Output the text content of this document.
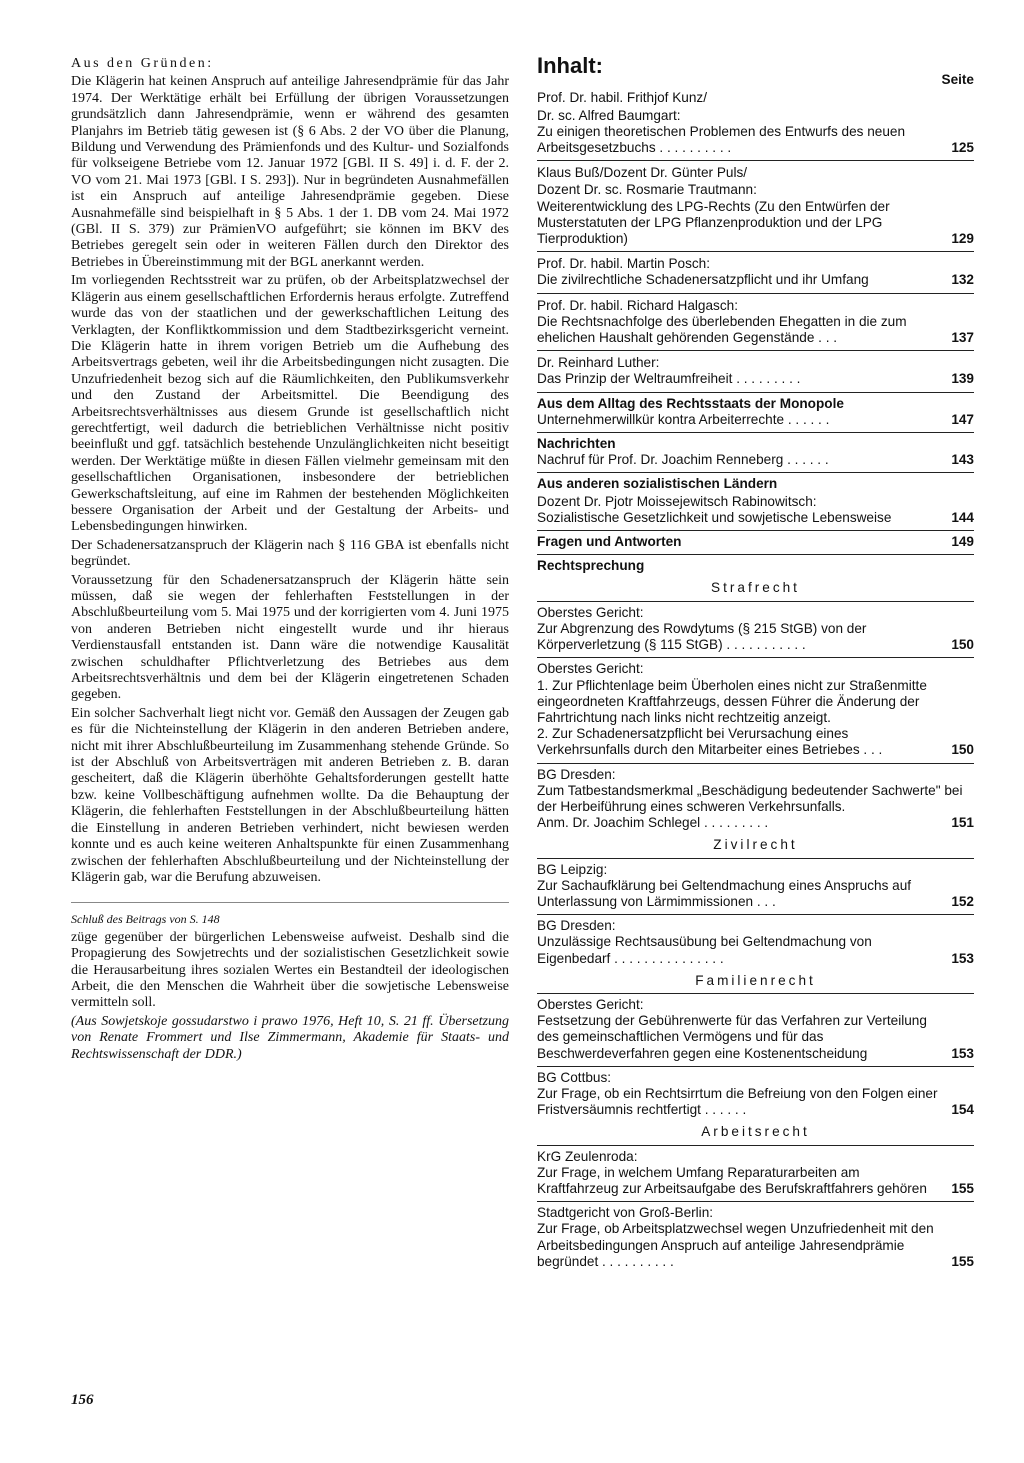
Aus den Gründen:

Die Klägerin hat keinen Anspruch auf anteilige Jahresendprämie für das Jahr 1974. Der Werktätige erhält bei Erfüllung der übrigen Voraussetzungen grundsätzlich dann Jahresendprämie, wenn er während des gesamten Planjahrs im Betrieb tätig gewesen ist (§ 6 Abs. 2 der VO über die Planung, Bildung und Verwendung des Prämienfonds und des Kultur- und Sozialfonds für volkseigene Betriebe vom 12. Januar 1972 [GBl. II S. 49] i. d. F. der 2. VO vom 21. Mai 1973 [GBl. I S. 293]). Nur in begründeten Ausnahmefällen ist ein Anspruch auf anteilige Jahresendprämie gegeben. Diese Ausnahmefälle sind beispielhaft in § 5 Abs. 1 der 1. DB vom 24. Mai 1972 (GBl. II S. 379) zur PrämienVO aufgeführt; sie können im BKV des Betriebes geregelt sein oder in weiteren Fällen durch den Direktor des Betriebes in Übereinstimmung mit der BGL anerkannt werden.

Im vorliegenden Rechtsstreit war zu prüfen, ob der Arbeitsplatzwechsel der Klägerin aus einem gesellschaftlichen Erfordernis heraus erfolgte. Zutreffend wurde das von der staatlichen und der gewerkschaftlichen Leitung des Verklagten, der Konfliktkommission und dem Stadtbezirksgericht verneint. Die Klägerin hatte in ihrem vorigen Betrieb um die Aufhebung des Arbeitsvertrags gebeten, weil ihr die Arbeitsbedingungen nicht zusagten. Die Unzufriedenheit bezog sich auf die Räumlichkeiten, den Publikumsverkehr und den Zustand der Arbeitsmittel. Die Beendigung des Arbeitsrechtsverhältnisses aus diesem Grunde ist gesellschaftlich nicht gerechtfertigt, weil dadurch die betrieblichen Verhältnisse nicht positiv beeinflußt und ggf. tatsächlich bestehende Unzulänglichkeiten nicht beseitigt werden. Der Werktätige müßte in diesen Fällen vielmehr gemeinsam mit den gesellschaftlichen Organisationen, insbesondere der betrieblichen Gewerkschaftsleitung, auf eine im Rahmen der bestehenden Möglichkeiten bessere Organisation der Arbeit und der Gestaltung der Arbeits- und Lebensbedingungen hinwirken.

Der Schadenersatzanspruch der Klägerin nach § 116 GBA ist ebenfalls nicht begründet.

Voraussetzung für den Schadenersatzanspruch der Klägerin hätte sein müssen, daß sie wegen der fehlerhaften Feststellungen in der Abschlußbeurteilung vom 5. Mai 1975 und der korrigierten vom 4. Juni 1975 von anderen Betrieben nicht eingestellt wurde und ihr hieraus Verdienstausfall entstanden ist. Dann wäre die notwendige Kausalität zwischen schuldhafter Pflichtverletzung des Betriebes aus dem Arbeitsrechtsverhältnis und dem bei der Klägerin eingetretenen Schaden gegeben.

Ein solcher Sachverhalt liegt nicht vor. Gemäß den Aussagen der Zeugen gab es für die Nichteinstellung der Klägerin in den anderen Betrieben andere, nicht mit ihrer Abschlußbeurteilung im Zusammenhang stehende Gründe. So ist der Abschluß von Arbeitsverträgen mit anderen Betrieben z. B. daran gescheitert, daß die Klägerin überhöhte Gehaltsforderungen gestellt hatte bzw. keine Vollbeschäftigung aufnehmen wollte. Da die Behauptung der Klägerin, die fehlerhaften Feststellungen in der Abschlußbeurteilung hätten die Einstellung in anderen Betrieben verhindert, nicht bewiesen werden konnte und es auch keine weiteren Anhaltspunkte für einen Zusammenhang zwischen der fehlerhaften Abschlußbeurteilung und der Nichteinstellung der Klägerin gab, war die Berufung abzuweisen.

Schluß des Beitrags von S. 148

züge gegenüber der bürgerlichen Lebensweise aufweist. Deshalb sind die Propagierung des Sowjetrechts und der sozialistischen Gesetzlichkeit sowie die Herausarbeitung ihres sozialen Wertes ein Bestandteil der ideologischen Arbeit, die den Menschen die Wahrheit über die sowjetische Lebensweise vermitteln soll.

(Aus Sowjetskoje gossudarstwo i prawo 1976, Heft 10, S. 21 ff. Übersetzung von Renate Frommert und Ilse Zimmermann, Akademie für Staats- und Rechtswissenschaft der DDR.)

156

Inhalt:

Seite
Prof. Dr. habil. Frithjof Kunz/
Dr. sc. Alfred Baumgart:
Zu einigen theoretischen Problemen des Entwurfs des neuen Arbeitsgesetzbuchs . . . . . . . . . .	125
Klaus Buß/Dozent Dr. Günter Puls/
Dozent Dr. sc. Rosmarie Trautmann:
Weiterentwicklung des LPG-Rechts (Zu den Entwürfen der Musterstatuten der LPG Pflanzenproduktion und der LPG Tierproduktion)	129
Prof. Dr. habil. Martin Posch:
Die zivilrechtliche Schadenersatzpflicht und ihr Umfang	132
Prof. Dr. habil. Richard Halgasch:
Die Rechtsnachfolge des überlebenden Ehegatten in die zum ehelichen Haushalt gehörenden Gegenstände . . .	137
Dr. Reinhard Luther:
Das Prinzip der Weltraumfreiheit . . . . . . . . .	139
Aus dem Alltag des Rechtsstaats der Monopole
Unternehmerwillkür kontra Arbeiterrechte . . . . . .	147
Nachrichten
Nachruf für Prof. Dr. Joachim Renneberg . . . . . .	143
Aus anderen sozialistischen Ländern
Dozent Dr. Pjotr Moissejewitsch Rabinowitsch:
Sozialistische Gesetzlichkeit und sowjetische Lebensweise	144
Fragen und Antworten	149
Rechtsprechung
Strafrecht
Oberstes Gericht:
Zur Abgrenzung des Rowdytums (§ 215 StGB) von der Körperverletzung (§ 115 StGB) . . . . . . . . . . .	150
Oberstes Gericht:
1. Zur Pflichtenlage beim Überholen eines nicht zur Straßenmitte eingeordneten Kraftfahrzeugs, dessen Führer die Änderung der Fahrtrichtung nach links nicht rechtzeitig anzeigt.
2. Zur Schadenersatzpflicht bei Verursachung eines Verkehrsunfalls durch den Mitarbeiter eines Betriebes . . .	150
BG Dresden:
Zum Tatbestandsmerkmal „Beschädigung bedeutender Sachwerte" bei der Herbeiführung eines schweren Verkehrsunfalls.
Anm. Dr. Joachim Schlegel . . . . . . . . .	151
Zivilrecht
BG Leipzig:
Zur Sachaufklärung bei Geltendmachung eines Anspruchs auf Unterlassung von Lärmimmissionen . . .	152
BG Dresden:
Unzulässige Rechtsausübung bei Geltendmachung von Eigenbedarf . . . . . . . . . . . . . . .	153
Familienrecht
Oberstes Gericht:
Festsetzung der Gebührenwerte für das Verfahren zur Verteilung des gemeinschaftlichen Vermögens und für das Beschwerdeverfahren gegen eine Kostenentscheidung	153
BG Cottbus:
Zur Frage, ob ein Rechtsirrtum die Befreiung von den Folgen einer Fristversäumnis rechtfertigt . . . . . .	154
Arbeitsrecht
KrG Zeulenroda:
Zur Frage, in welchem Umfang Reparaturarbeiten am Kraftfahrzeug zur Arbeitsaufgabe des Berufskraftfahrers gehören	155
Stadtgericht von Groß-Berlin:
Zur Frage, ob Arbeitsplatzwechsel wegen Unzufriedenheit mit den Arbeitsbedingungen Anspruch auf anteilige Jahresendprämie begründet . . . . . . . . . .	155
